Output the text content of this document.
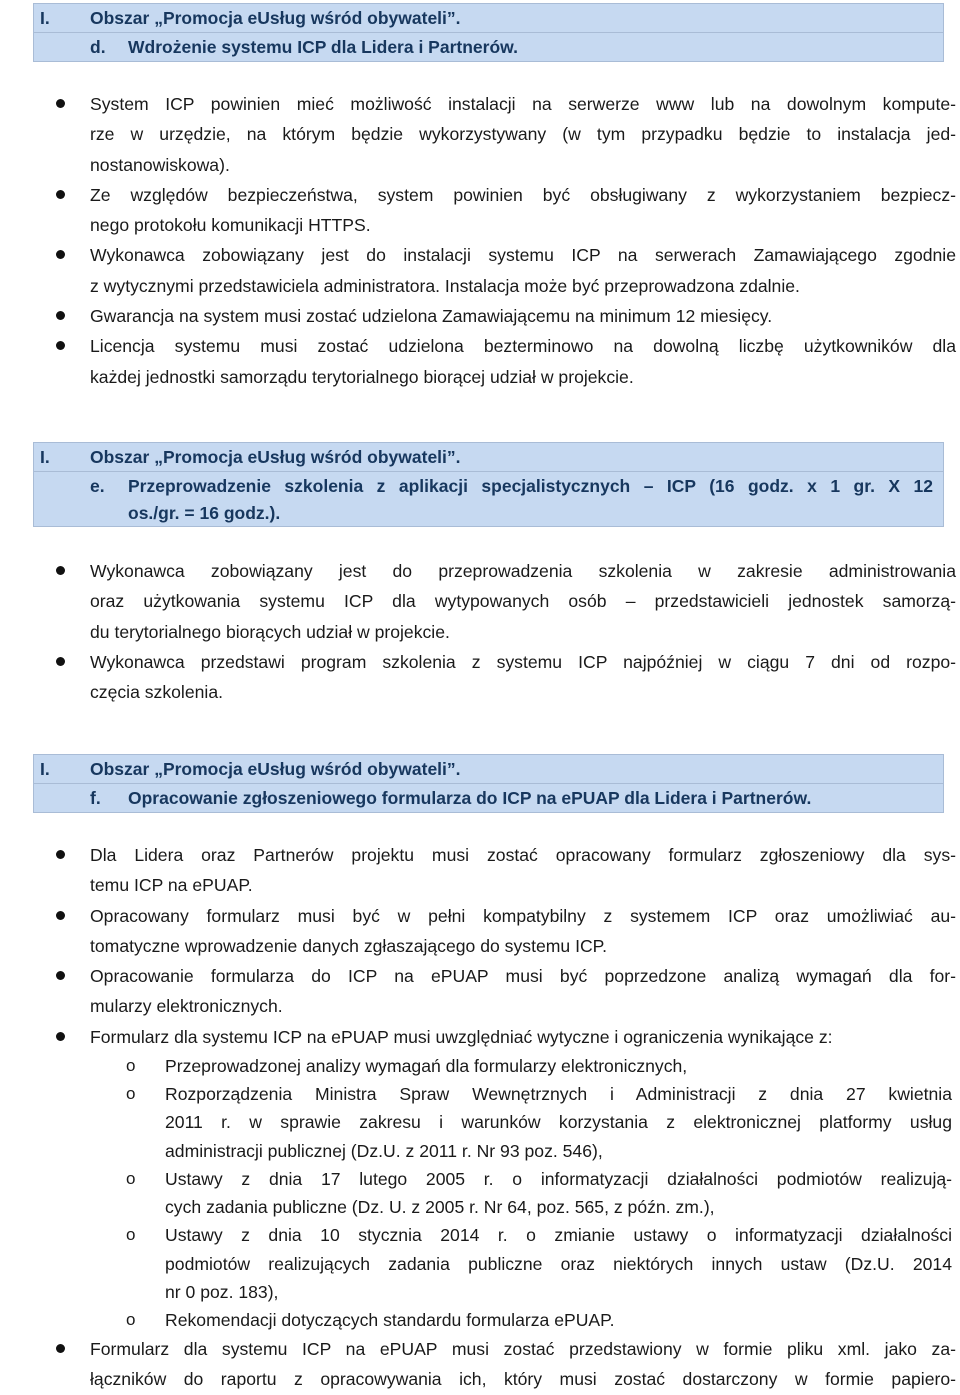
I. Obszar „Promocja eUsług wśród obywateli”.
d. Wdrożenie systemu ICP dla Lidera i Partnerów.
System ICP powinien mieć możliwość instalacji na serwerze www lub na dowolnym kompute-
rze w urzędzie, na którym będzie wykorzystywany (w tym przypadku będzie to instalacja jed-
nostanowiskowa).
Ze względów bezpieczeństwa, system powinien być obsługiwany z wykorzystaniem bezpiecz-
nego protokołu komunikacji HTTPS.
Wykonawca zobowiązany jest do instalacji systemu ICP na serwerach Zamawiającego zgodnie
z wytycznymi przedstawiciela administratora. Instalacja może być przeprowadzona zdalnie.
Gwarancja na system musi zostać udzielona Zamawiającemu na minimum 12 miesięcy.
Licencja systemu musi zostać udzielona bezterminowo na dowolną liczbę użytkowników dla
każdej jednostki samorządu terytorialnego biorącej udział w projekcie.
I. Obszar „Promocja eUsług wśród obywateli”.
e. Przeprowadzenie szkolenia z aplikacji specjalistycznych – ICP (16 godz. x 1 gr. X 12
os./gr. = 16 godz.).
Wykonawca zobowiązany jest do przeprowadzenia szkolenia w zakresie administrowania
oraz użytkowania systemu ICP dla wytypowanych osób – przedstawicieli jednostek samorzą-
du terytorialnego biorących udział w projekcie.
Wykonawca przedstawi program szkolenia z systemu ICP najpóźniej w ciągu 7 dni od rozpo-
częcia szkolenia.
I. Obszar „Promocja eUsług wśród obywateli”.
f. Opracowanie zgłoszeniowego formularza do ICP na ePUAP dla Lidera i Partnerów.
Dla Lidera oraz Partnerów projektu musi zostać opracowany formularz zgłoszeniowy dla sys-
temu ICP na ePUAP.
Opracowany formularz musi być w pełni kompatybilny z systemem ICP oraz umożliwiać au-
tomatyczne wprowadzenie danych zgłaszającego do systemu ICP.
Opracowanie formularza do ICP na ePUAP musi być poprzedzone analizą wymagań dla for-
mularzy elektronicznych.
Formularz dla systemu ICP na ePUAP musi uwzględniać wytyczne i ograniczenia wynikające z:
o Przeprowadzonej analizy wymagań dla formularzy elektronicznych,
o Rozporządzenia Ministra Spraw Wewnętrznych i Administracji z dnia 27 kwietnia
2011 r. w sprawie zakresu i warunków korzystania z elektronicznej platformy usług
administracji publicznej (Dz.U. z 2011 r. Nr 93 poz. 546),
o Ustawy z dnia 17 lutego 2005 r. o informatyzacji działalności podmiotów realizują-
cych zadania publiczne (Dz. U. z 2005 r. Nr 64, poz. 565, z późn. zm.),
o Ustawy z dnia 10 stycznia 2014 r. o zmianie ustawy o informatyzacji działalności
podmiotów realizujących zadania publiczne oraz niektórych innych ustaw (Dz.U. 2014
nr 0 poz. 183),
o Rekomendacji dotyczących standardu formularza ePUAP.
Formularz dla systemu ICP na ePUAP musi zostać przedstawiony w formie pliku xml. jako za-
łączników do raportu z opracowywania ich, który musi zostać dostarczony w formie papiero-
